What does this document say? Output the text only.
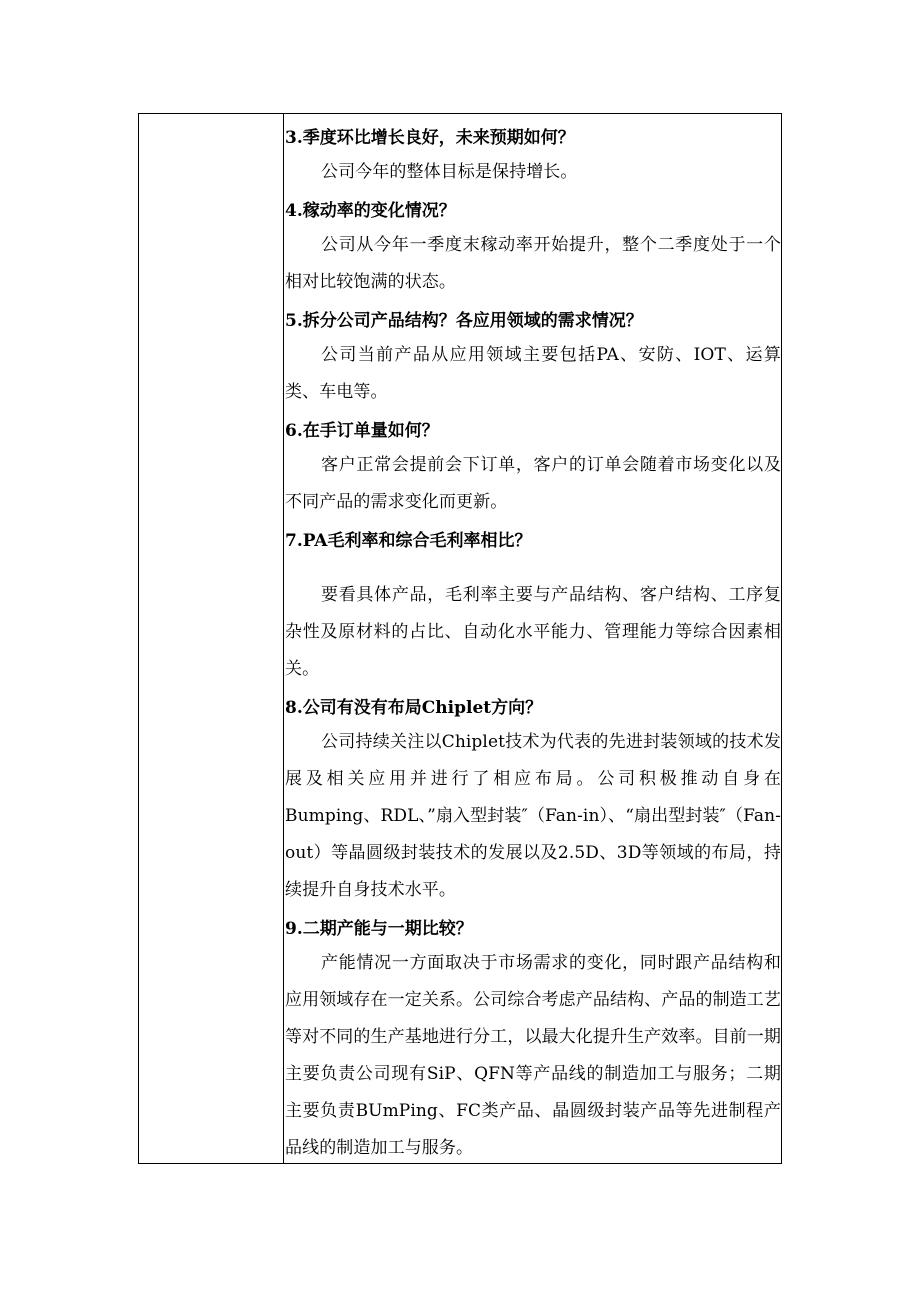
3.季度环比增长良好，未来预期如何？

公司今年的整体目标是保持增长。

4.稼动率的变化情况？

公司从今年一季度末稼动率开始提升，整个二季度处于一个相对比较饱满的状态。

5.拆分公司产品结构？各应用领域的需求情况？

公司当前产品从应用领域主要包括PA、安防、IOT、运算类、车电等。

6.在手订单量如何？

客户正常会提前会下订单，客户的订单会随着市场变化以及不同产品的需求变化而更新。

7.PA毛利率和综合毛利率相比？

要看具体产品，毛利率主要与产品结构、客户结构、工序复杂性及原材料的占比、自动化水平能力、管理能力等综合因素相关。

8.公司有没有布局Chiplet方向？

公司持续关注以Chiplet技术为代表的先进封装领域的技术发展及相关应用并进行了相应布局。公司积极推动自身在Bumping、RDL、”扇入型封装″（Fan-in）、“扇出型封装″（Fan-out）等晶圆级封装技术的发展以及2.5D、3D等领域的布局，持续提升自身技术水平。

9.二期产能与一期比较？

产能情况一方面取决于市场需求的变化，同时跟产品结构和应用领域存在一定关系。公司综合考虑产品结构、产品的制造工艺等对不同的生产基地进行分工，以最大化提升生产效率。目前一期主要负责公司现有SiP、QFN等产品线的制造加工与服务；二期主要负责BUmPing、FC类产品、晶圆级封装产品等先进制程产品线的制造加工与服务。
